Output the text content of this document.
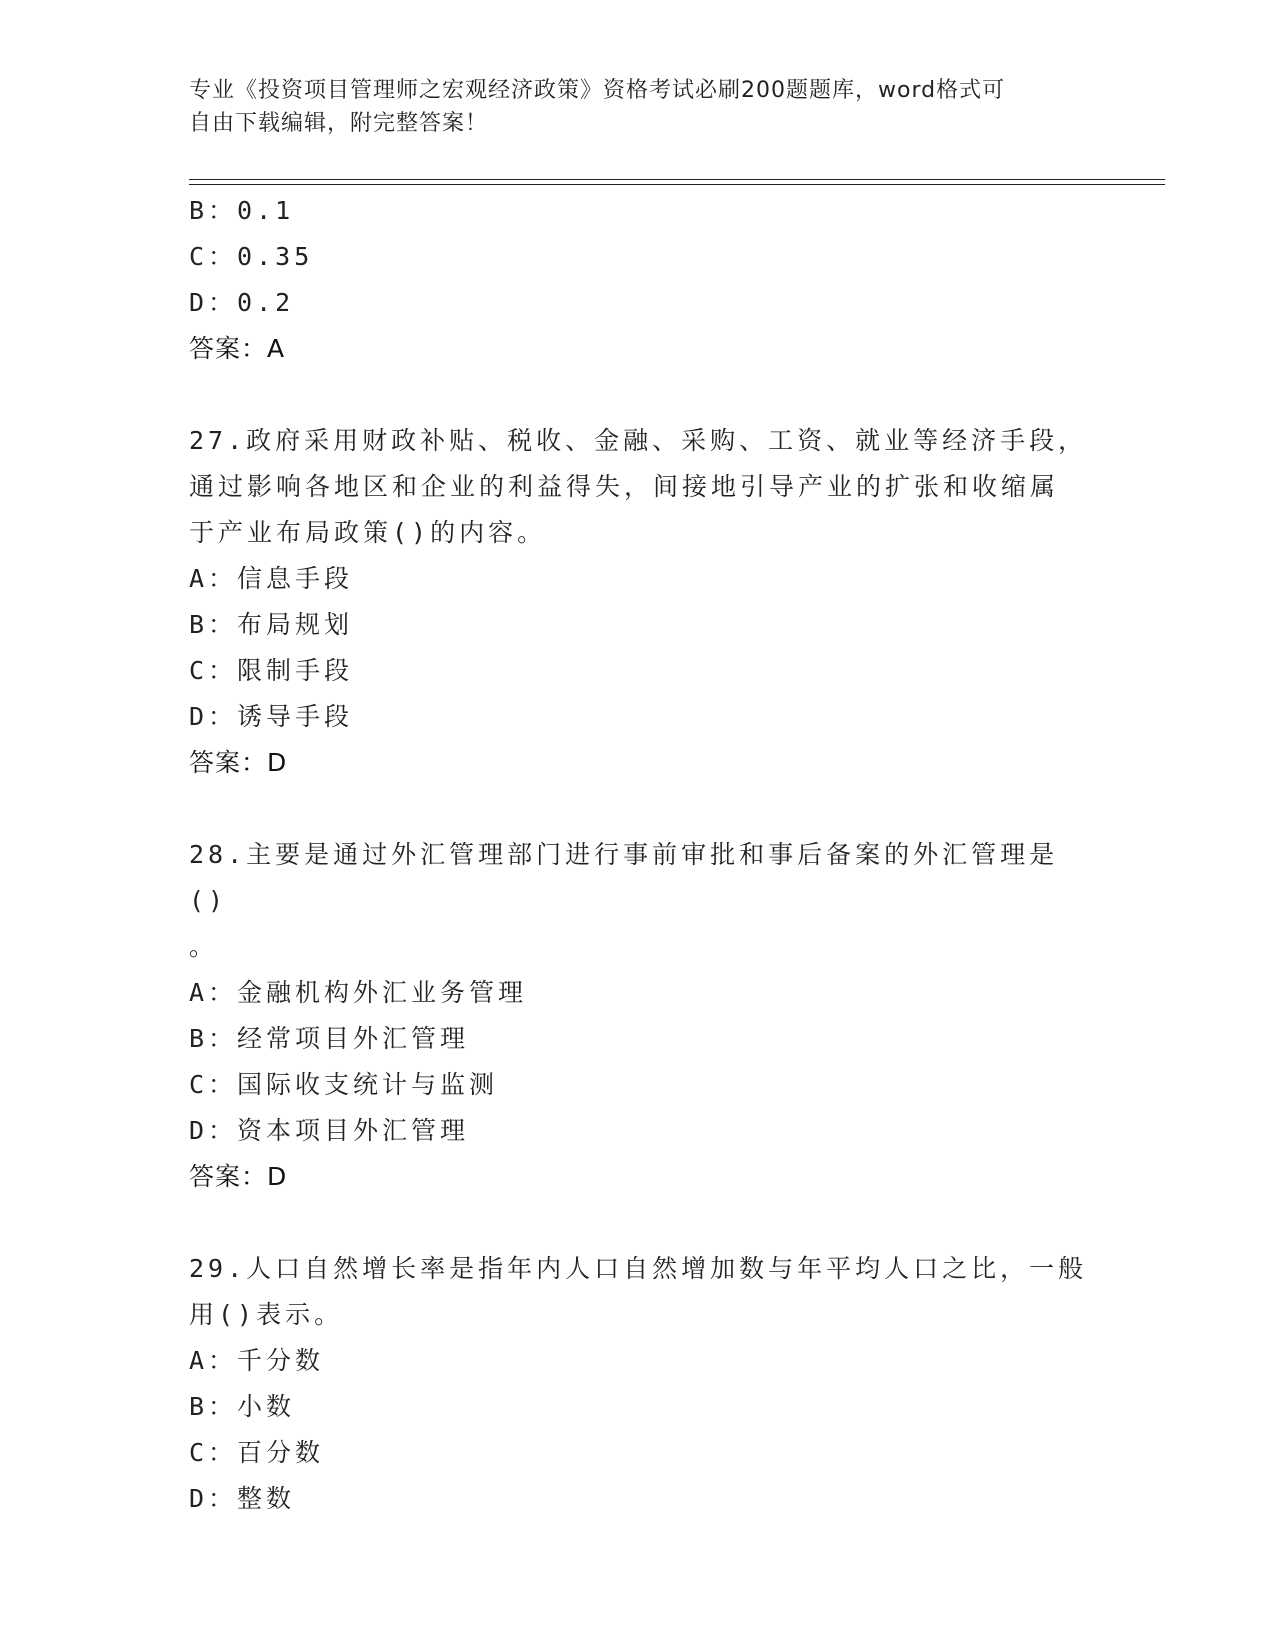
专业《投资项目管理师之宏观经济政策》资格考试必刷200题题库，word格式可
自由下载编辑，附完整答案！
B：0.1
C：0.35
D：0.2
答案：A
27.政府采用财政补贴、税收、金融、采购、工资、就业等经济手段，
通过影响各地区和企业的利益得失，间接地引导产业的扩张和收缩属
于产业布局政策()的内容。
A：信息手段
B：布局规划
C：限制手段
D：诱导手段
答案：D
28.主要是通过外汇管理部门进行事前审批和事后备案的外汇管理是()
。
A：金融机构外汇业务管理
B：经常项目外汇管理
C：国际收支统计与监测
D：资本项目外汇管理
答案：D
29.人口自然增长率是指年内人口自然增加数与年平均人口之比，一般
用()表示。
A：千分数
B：小数
C：百分数
D：整数
